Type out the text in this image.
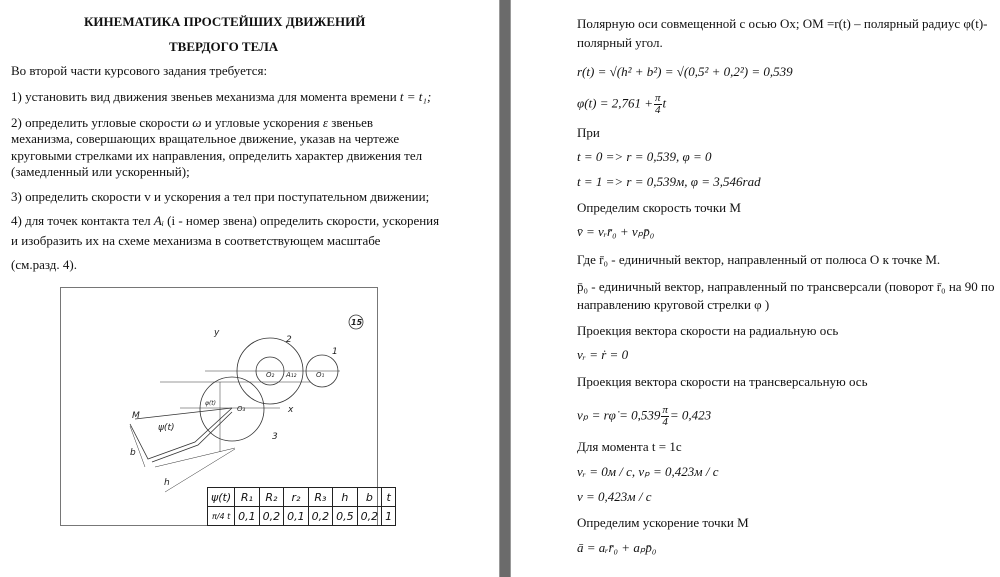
КИНЕМАТИКА ПРОСТЕЙШИХ ДВИЖЕНИЙ
ТВЕРДОГО ТЕЛА
Во второй части курсового задания требуется:
1) установить вид движения звеньев механизма для момента времени t = t₁;
2) определить угловые скорости ω и угловые ускорения ε звеньев
механизма, совершающих вращательное движение, указав на чертеже
круговыми стрелками их направления, определить характер движения тел
(замедленный или ускоренный);
3) определить скорости v и ускорения a тел при поступательном движении;
4) для точек контакта тел Aᵢ (i - номер звена) определить скорости, ускорения
и изобразить их на схеме механизма в соответствующем масштабе
(см.разд. 4).
15
y
x
M
ψ(t)
φ(t)
b
h
O₂	O₁
O₃
A₁₂
1
2
3
ψ(t)	R₁	R₂	r₂	R₃	h	b	t
π/4 t	0,1	0,2	0,1	0,2	0,5	0,2	1
Полярную оси совмещенной с осью Ох; ОМ =r(t) – полярный радиус φ(t)-
полярный угол.
r(t) = √(h² + b²) = √(0,5² + 0,2²) = 0,539
$\varphi(t) = 2,761 + \frac{\pi}{4}$ t
При
t = 0 => r = 0,539, φ = 0
t = 1 => r = 0,539м, φ = 3,546rad
Определим скорость точки М
v̄ = vᵣr̄₀ + vₚp̄₀
Где r̄₀ - единичный вектор, направленный от полюса О к точке М.
p̄₀ - единичный вектор, направленный по трансверсали (поворот r̄₀ на 90 по
направлению круговой стрелки φ )
Проекция вектора скорости на радиальную ось
vᵣ = ṙ = 0
Проекция вектора скорости на трансверсальную ось
vₚ = rφ̇ = $0,539 \frac{\pi}{4} = 0,423$
Для момента t = 1c
vᵣ = 0м / c, vₚ = 0,423м / c
v = 0,423м / c
Определим ускорение точки М
ā = aᵣr̄₀ + aₚp̄₀
